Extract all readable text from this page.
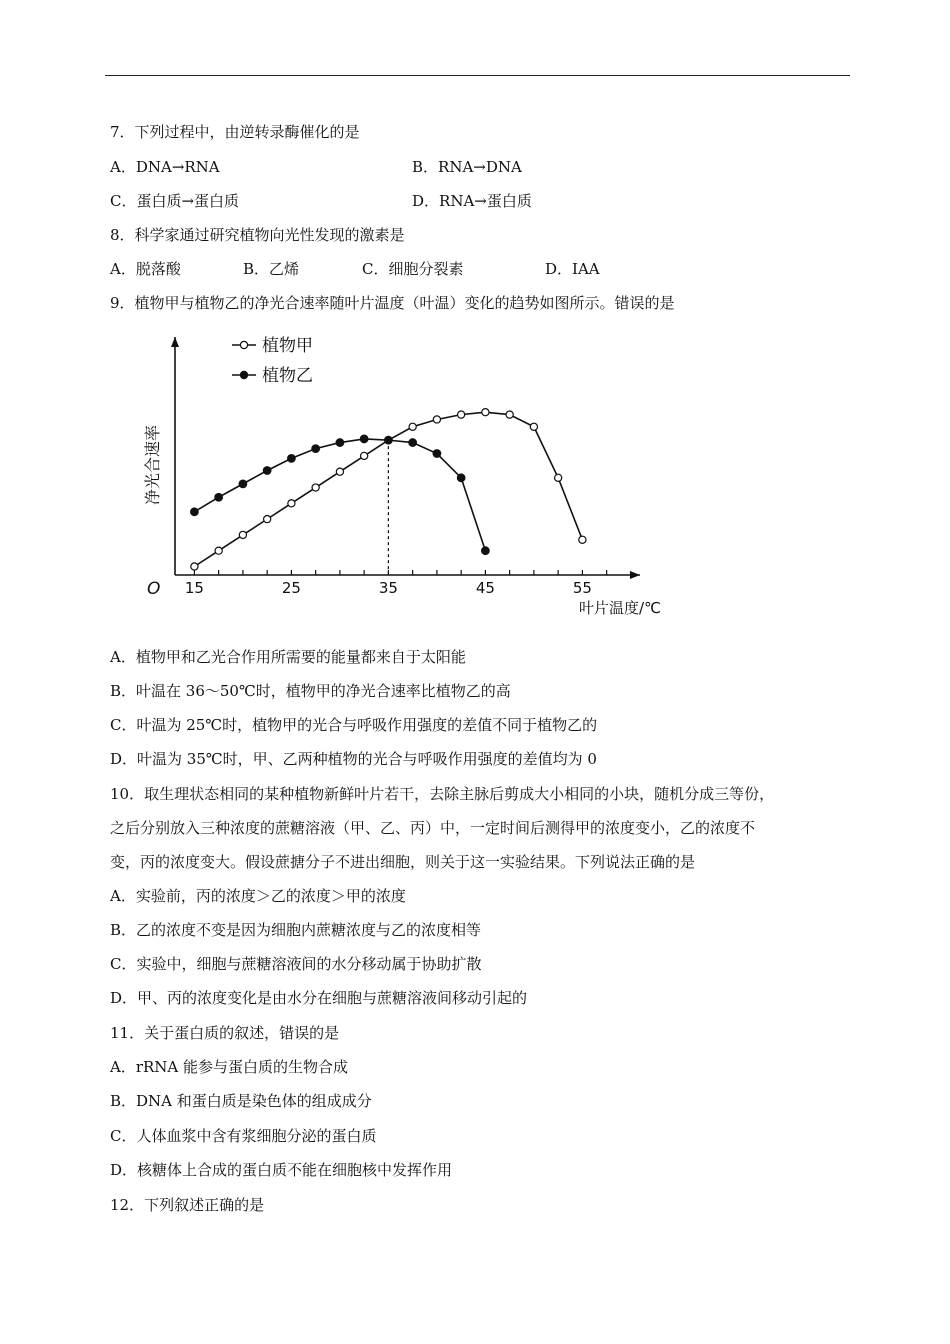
7．下列过程中，由逆转录酶催化的是
A．DNA→RNA	B．RNA→DNA
C．蛋白质→蛋白质	D．RNA→蛋白质
8．科学家通过研究植物向光性发现的激素是
A．脱落酸	B．乙烯	C．细胞分裂素	D．IAA
9．植物甲与植物乙的净光合速率随叶片温度（叶温）变化的趋势如图所示。错误的是
植物甲
植物乙
15	25	35	45	55
O
净光合速率
叶片温度/℃
A．植物甲和乙光合作用所需要的能量都来自于太阳能
B．叶温在 36～50℃时，植物甲的净光合速率比植物乙的高
C．叶温为 25℃时，植物甲的光合与呼吸作用强度的差值不同于植物乙的
D．叶温为 35℃时，甲、乙两种植物的光合与呼吸作用强度的差值均为 0
10．取生理状态相同的某种植物新鲜叶片若干，去除主脉后剪成大小相同的小块，随机分成三等份，
之后分别放入三种浓度的蔗糖溶液（甲、乙、丙）中，一定时间后测得甲的浓度变小，乙的浓度不
变，丙的浓度变大。假设蔗搪分子不进出细胞，则关于这一实验结果。下列说法正确的是
A．实验前，丙的浓度＞乙的浓度＞甲的浓度
B．乙的浓度不变是因为细胞内蔗糖浓度与乙的浓度相等
C．实验中，细胞与蔗糖溶液间的水分移动属于协助扩散
D．甲、丙的浓度变化是由水分在细胞与蔗糖溶液间移动引起的
11．关于蛋白质的叙述，错误的是
A．rRNA 能参与蛋白质的生物合成
B．DNA 和蛋白质是染色体的组成成分
C．人体血浆中含有浆细胞分泌的蛋白质
D．核糖体上合成的蛋白质不能在细胞核中发挥作用
12．下列叙述正确的是
